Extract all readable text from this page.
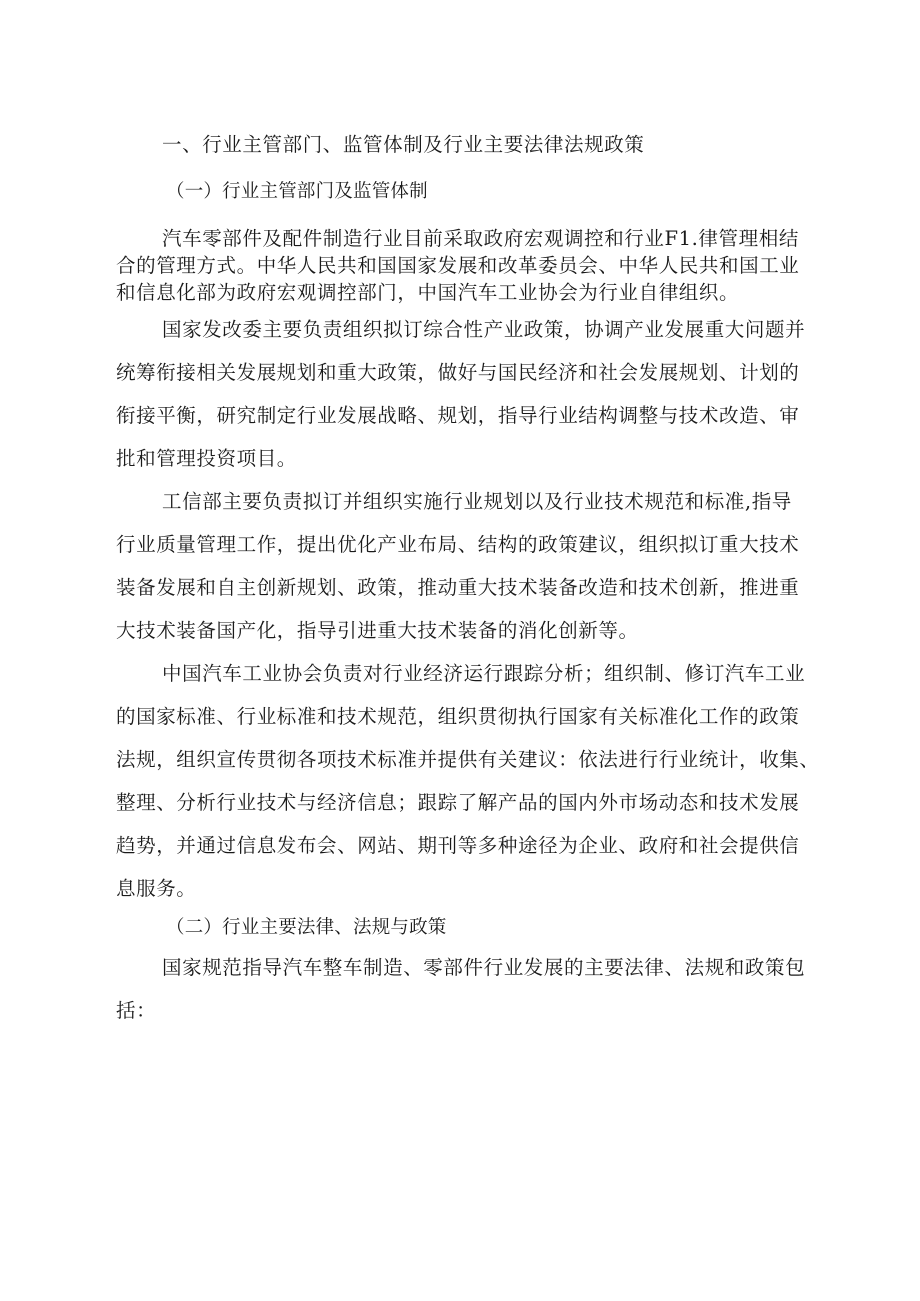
一、行业主管部门、监管体制及行业主要法律法规政策
（一）行业主管部门及监管体制
汽车零部件及配件制造行业目前采取政府宏观调控和行业F1.律管理相结
合的管理方式。中华人民共和国国家发展和改革委员会、中华人民共和国工业
和信息化部为政府宏观调控部门，中国汽车工业协会为行业自律组织。
国家发改委主要负责组织拟订综合性产业政策，协调产业发展重大问题并
统筹衔接相关发展规划和重大政策，做好与国民经济和社会发展规划、计划的
衔接平衡，研究制定行业发展战略、规划，指导行业结构调整与技术改造、审
批和管理投资项目。
工信部主要负责拟订并组织实施行业规划以及行业技术规范和标准,指导
行业质量管理工作，提出优化产业布局、结构的政策建议，组织拟订重大技术
装备发展和自主创新规划、政策，推动重大技术装备改造和技术创新，推进重
大技术装备国产化，指导引进重大技术装备的消化创新等。
中国汽车工业协会负责对行业经济运行跟踪分析；组织制、修订汽车工业
的国家标准、行业标准和技术规范，组织贯彻执行国家有关标准化工作的政策
法规，组织宣传贯彻各项技术标准并提供有关建议：依法进行行业统计，收集、
整理、分析行业技术与经济信息；跟踪了解产品的国内外市场动态和技术发展
趋势，并通过信息发布会、网站、期刊等多种途径为企业、政府和社会提供信
息服务。
（二）行业主要法律、法规与政策
国家规范指导汽车整车制造、零部件行业发展的主要法律、法规和政策包
括：
